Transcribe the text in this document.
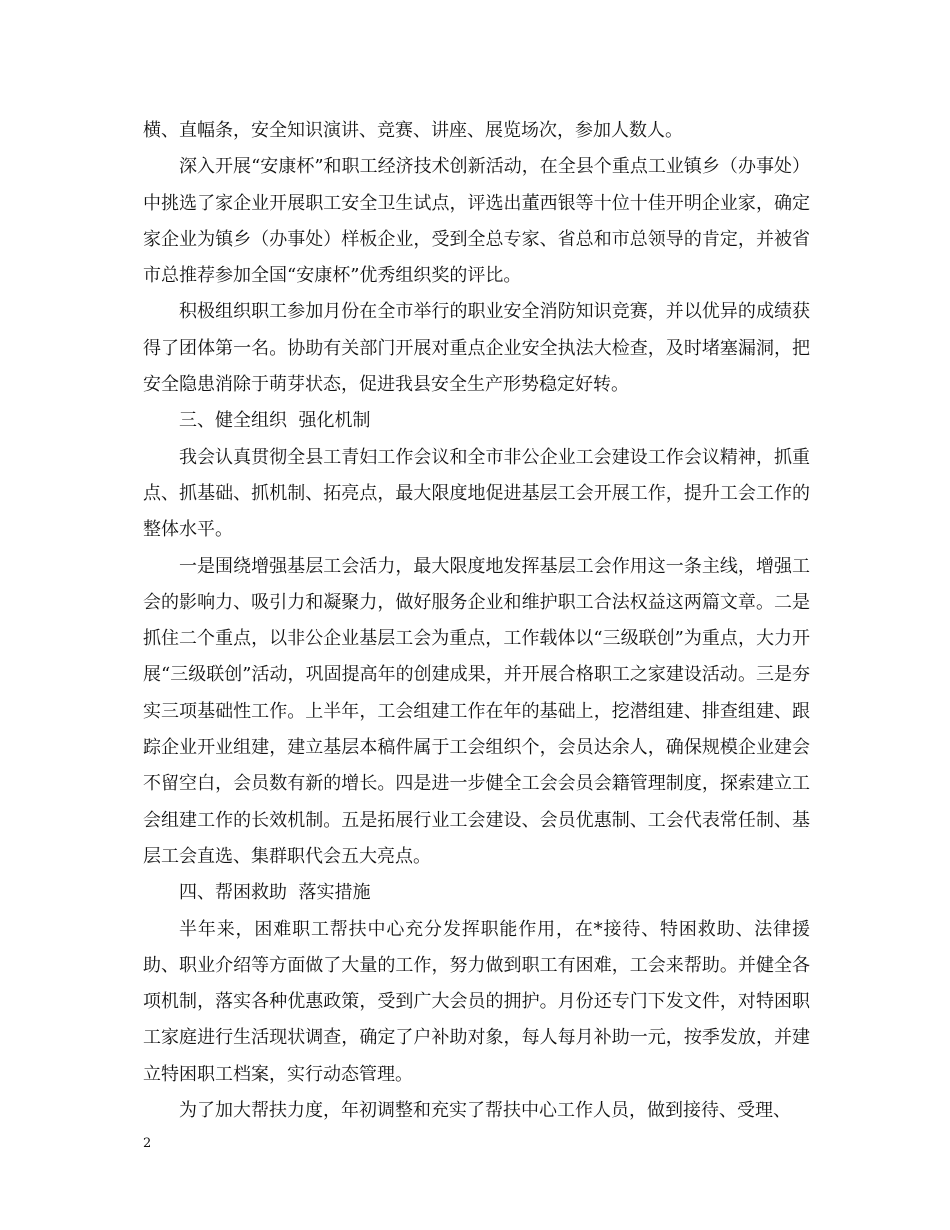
横、直幅条，安全知识演讲、竞赛、讲座、展览场次，参加人数人。

深入开展“安康杯”和职工经济技术创新活动，在全县个重点工业镇乡（办事处）中挑选了家企业开展职工安全卫生试点，评选出董西银等十位十佳开明企业家，确定家企业为镇乡（办事处）样板企业，受到全总专家、省总和市总领导的肯定，并被省市总推荐参加全国“安康杯”优秀组织奖的评比。

积极组织职工参加月份在全市举行的职业安全消防知识竞赛，并以优异的成绩获得了团体第一名。协助有关部门开展对重点企业安全执法大检查，及时堵塞漏洞，把安全隐患消除于萌芽状态，促进我县安全生产形势稳定好转。

三、健全组织  强化机制

我会认真贯彻全县工青妇工作会议和全市非公企业工会建设工作会议精神，抓重点、抓基础、抓机制、拓亮点，最大限度地促进基层工会开展工作，提升工会工作的整体水平。

一是围绕增强基层工会活力，最大限度地发挥基层工会作用这一条主线，增强工会的影响力、吸引力和凝聚力，做好服务企业和维护职工合法权益这两篇文章。二是抓住二个重点，以非公企业基层工会为重点，工作载体以“三级联创”为重点，大力开展“三级联创”活动，巩固提高年的创建成果，并开展合格职工之家建设活动。三是夯实三项基础性工作。上半年，工会组建工作在年的基础上，挖潜组建、排查组建、跟踪企业开业组建，建立基层本稿件属于工会组织个，会员达余人，确保规模企业建会不留空白，会员数有新的增长。四是进一步健全工会会员会籍管理制度，探索建立工会组建工作的长效机制。五是拓展行业工会建设、会员优惠制、工会代表常任制、基层工会直选、集群职代会五大亮点。

四、帮困救助  落实措施

半年来，困难职工帮扶中心充分发挥职能作用，在*接待、特困救助、法律援助、职业介绍等方面做了大量的工作，努力做到职工有困难，工会来帮助。并健全各项机制，落实各种优惠政策，受到广大会员的拥护。月份还专门下发文件，对特困职工家庭进行生活现状调查，确定了户补助对象，每人每月补助一元，按季发放，并建立特困职工档案，实行动态管理。

为了加大帮扶力度，年初调整和充实了帮扶中心工作人员，做到接待、受理、

2
